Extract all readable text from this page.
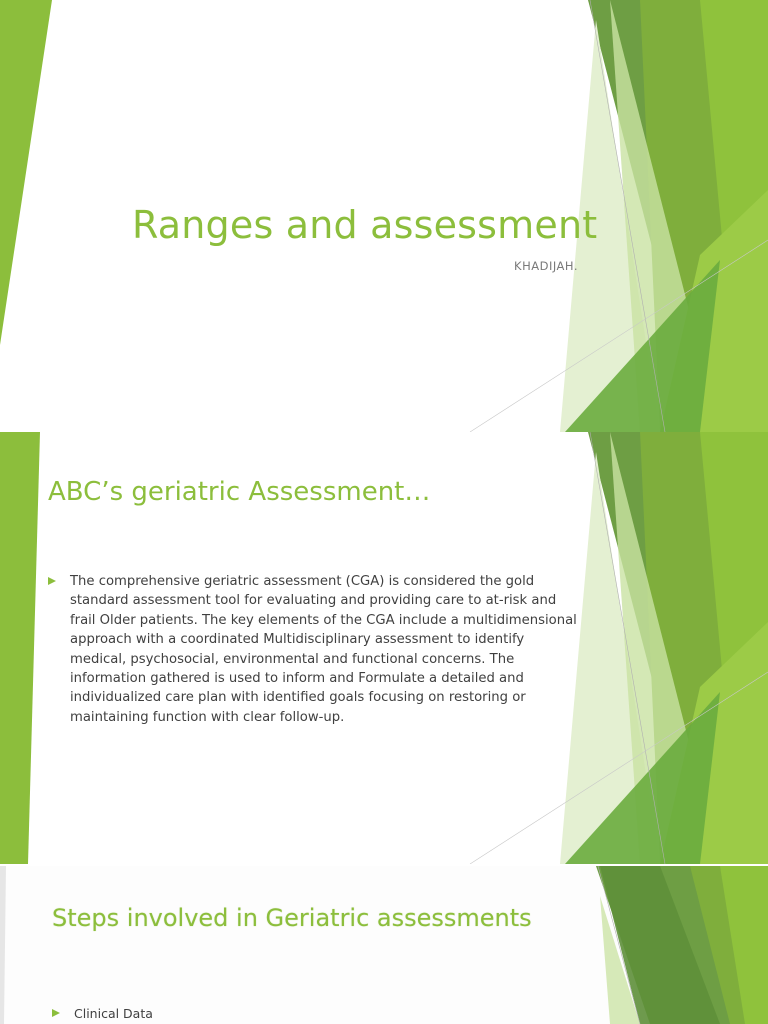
Ranges and assessment
KHADIJAH.
ABC’s geriatric Assessment…
The comprehensive geriatric assessment (CGA) is considered the gold standard assessment tool for evaluating and providing care to at-risk and frail Older patients. The key elements of the CGA include a multidimensional approach with a coordinated Multidisciplinary assessment to identify medical, psychosocial, environmental and functional concerns. The information gathered is used to inform and Formulate a detailed and individualized care plan with identified goals focusing on restoring or maintaining function with clear follow-up.
Steps involved in Geriatric assessments
Clinical Data
